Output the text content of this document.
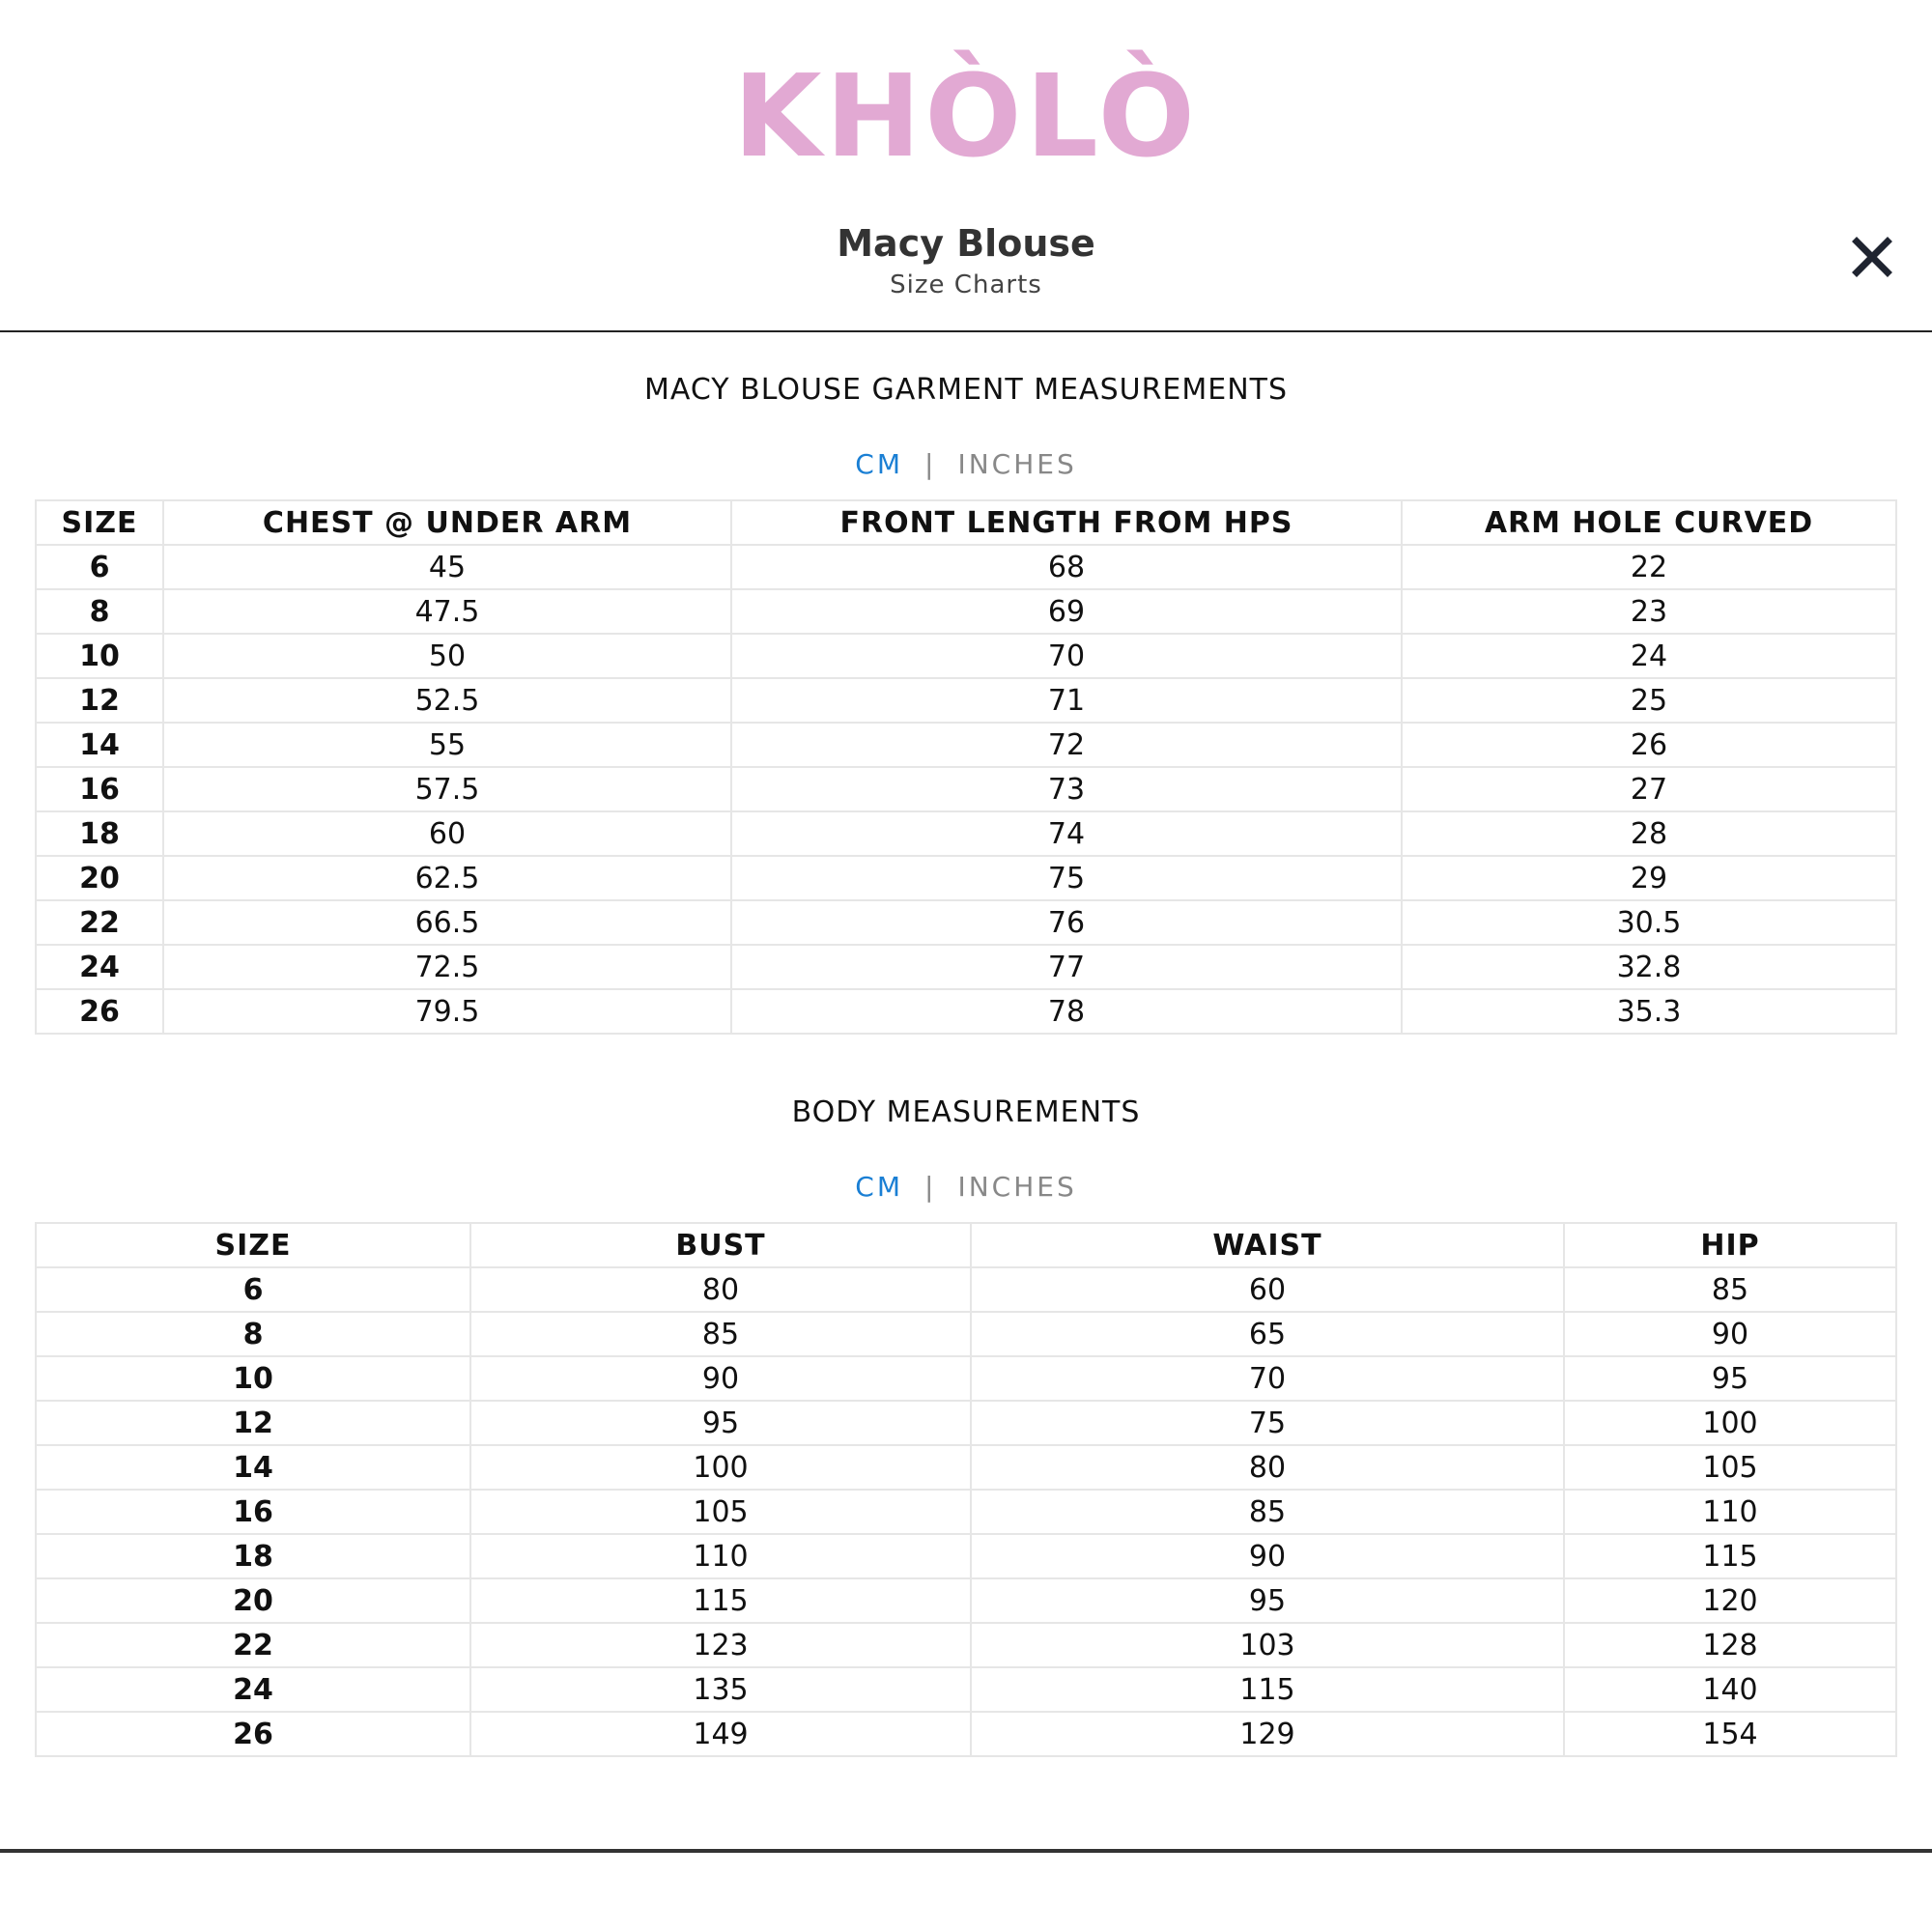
KHÒLÒ
Macy Blouse
Size Charts
MACY BLOUSE GARMENT MEASUREMENTS
CM | INCHES
SIZE	CHEST @ UNDER ARM	FRONT LENGTH FROM HPS	ARM HOLE CURVED
6	45	68	22
8	47.5	69	23
10	50	70	24
12	52.5	71	25
14	55	72	26
16	57.5	73	27
18	60	74	28
20	62.5	75	29
22	66.5	76	30.5
24	72.5	77	32.8
26	79.5	78	35.3
BODY MEASUREMENTS
CM | INCHES
SIZE	BUST	WAIST	HIP
6	80	60	85
8	85	65	90
10	90	70	95
12	95	75	100
14	100	80	105
16	105	85	110
18	110	90	115
20	115	95	120
22	123	103	128
24	135	115	140
26	149	129	154
